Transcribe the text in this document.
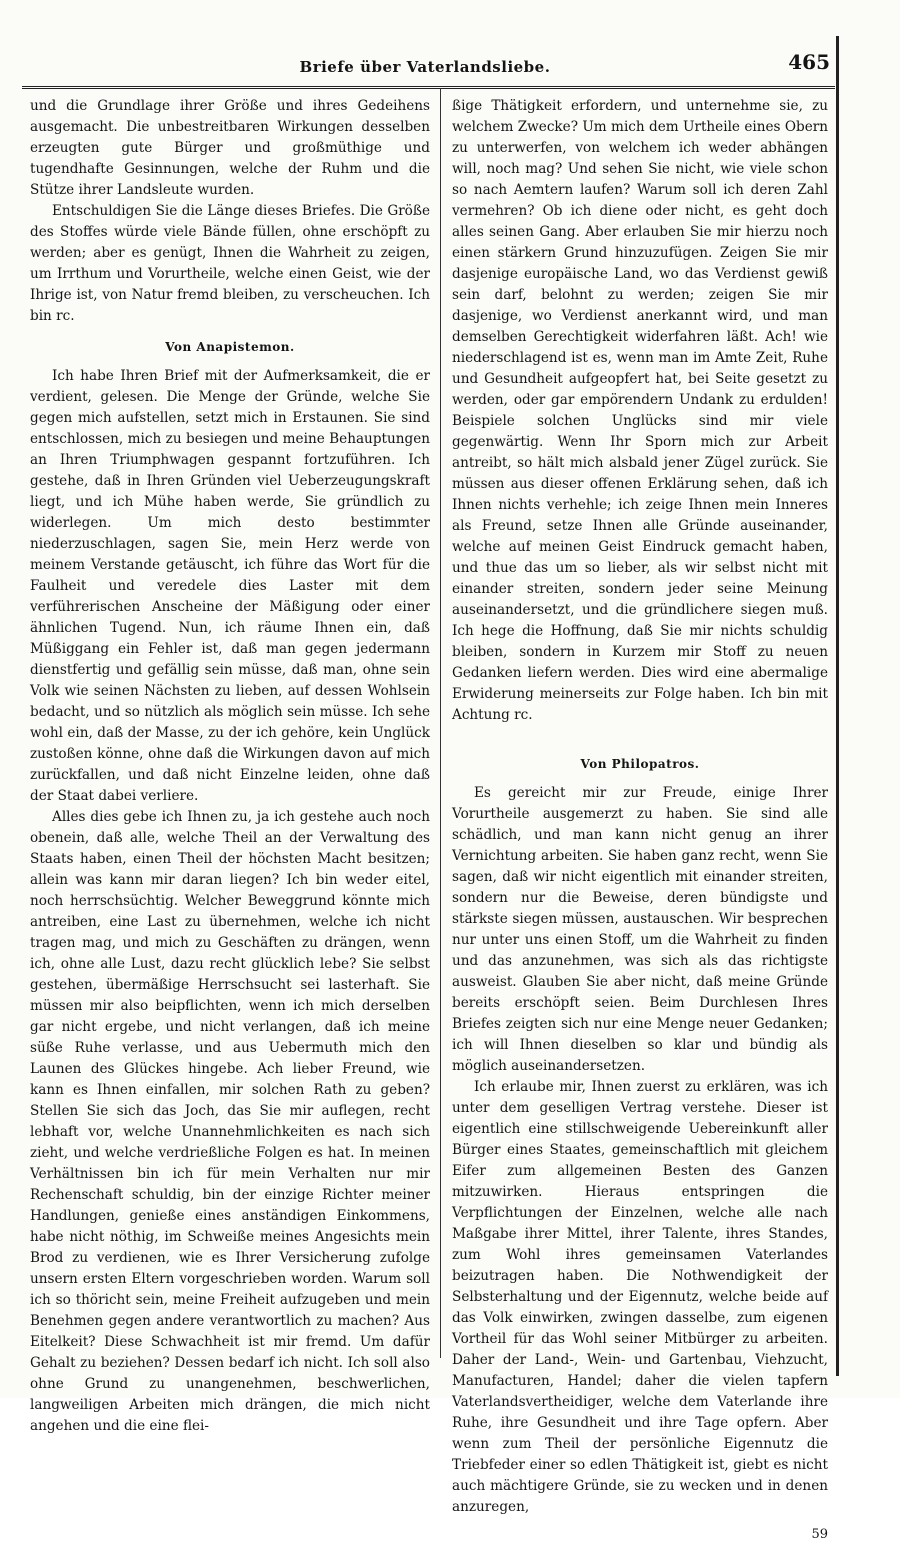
Briefe über Vaterlandsliebe.	465

und die Grundlage ihrer Größe und ihres Gedeihens ausgemacht. Die unbestreitbaren Wirkungen desselben erzeugten gute Bürger und großmüthige und tugendhafte Gesinnungen, welche der Ruhm und die Stütze ihrer Landsleute wurden.

Entschuldigen Sie die Länge dieses Briefes. Die Größe des Stoffes würde viele Bände füllen, ohne erschöpft zu werden; aber es genügt, Ihnen die Wahrheit zu zeigen, um Irrthum und Vorurtheile, welche einen Geist, wie der Ihrige ist, von Natur fremd bleiben, zu verscheuchen. Ich bin rc.

Von Anapistemon.

Ich habe Ihren Brief mit der Aufmerksamkeit, die er verdient, gelesen. Die Menge der Gründe, welche Sie gegen mich aufstellen, setzt mich in Erstaunen. Sie sind entschlossen, mich zu besiegen und meine Behauptungen an Ihren Triumphwagen gespannt fortzuführen. Ich gestehe, daß in Ihren Gründen viel Ueberzeugungskraft liegt, und ich Mühe haben werde, Sie gründlich zu widerlegen. Um mich desto bestimmter niederzuschlagen, sagen Sie, mein Herz werde von meinem Verstande getäuscht, ich führe das Wort für die Faulheit und veredele dies Laster mit dem verführerischen Anscheine der Mäßigung oder einer ähnlichen Tugend. Nun, ich räume Ihnen ein, daß Müßiggang ein Fehler ist, daß man gegen jedermann dienstfertig und gefällig sein müsse, daß man, ohne sein Volk wie seinen Nächsten zu lieben, auf dessen Wohlsein bedacht, und so nützlich als möglich sein müsse. Ich sehe wohl ein, daß der Masse, zu der ich gehöre, kein Unglück zustoßen könne, ohne daß die Wirkungen davon auf mich zurückfallen, und daß nicht Einzelne leiden, ohne daß der Staat dabei verliere.

Alles dies gebe ich Ihnen zu, ja ich gestehe auch noch obenein, daß alle, welche Theil an der Verwaltung des Staats haben, einen Theil der höchsten Macht besitzen; allein was kann mir daran liegen? Ich bin weder eitel, noch herrschsüchtig. Welcher Beweggrund könnte mich antreiben, eine Last zu übernehmen, welche ich nicht tragen mag, und mich zu Geschäften zu drängen, wenn ich, ohne alle Lust, dazu recht glücklich lebe? Sie selbst gestehen, übermäßige Herrschsucht sei lasterhaft. Sie müssen mir also beipflichten, wenn ich mich derselben gar nicht ergebe, und nicht verlangen, daß ich meine süße Ruhe verlasse, und aus Uebermuth mich den Launen des Glückes hingebe. Ach lieber Freund, wie kann es Ihnen einfallen, mir solchen Rath zu geben? Stellen Sie sich das Joch, das Sie mir auflegen, recht lebhaft vor, welche Unannehmlichkeiten es nach sich zieht, und welche verdrießliche Folgen es hat. In meinen Verhältnissen bin ich für mein Verhalten nur mir Rechenschaft schuldig, bin der einzige Richter meiner Handlungen, genieße eines anständigen Einkommens, habe nicht nöthig, im Schweiße meines Angesichts mein Brod zu verdienen, wie es Ihrer Versicherung zufolge unsern ersten Eltern vorgeschrieben worden. Warum soll ich so thöricht sein, meine Freiheit aufzugeben und mein Benehmen gegen andere verantwortlich zu machen? Aus Eitelkeit? Diese Schwachheit ist mir fremd. Um dafür Gehalt zu beziehen? Dessen bedarf ich nicht. Ich soll also ohne Grund zu unangenehmen, beschwerlichen, langweiligen Arbeiten mich drängen, die mich nicht angehen und die eine flei-

ßige Thätigkeit erfordern, und unternehme sie, zu welchem Zwecke? Um mich dem Urtheile eines Obern zu unterwerfen, von welchem ich weder abhängen will, noch mag? Und sehen Sie nicht, wie viele schon so nach Aemtern laufen? Warum soll ich deren Zahl vermehren? Ob ich diene oder nicht, es geht doch alles seinen Gang. Aber erlauben Sie mir hierzu noch einen stärkern Grund hinzuzufügen. Zeigen Sie mir dasjenige europäische Land, wo das Verdienst gewiß sein darf, belohnt zu werden; zeigen Sie mir dasjenige, wo Verdienst anerkannt wird, und man demselben Gerechtigkeit widerfahren läßt. Ach! wie niederschlagend ist es, wenn man im Amte Zeit, Ruhe und Gesundheit aufgeopfert hat, bei Seite gesetzt zu werden, oder gar empörendern Undank zu erdulden! Beispiele solchen Unglücks sind mir viele gegenwärtig. Wenn Ihr Sporn mich zur Arbeit antreibt, so hält mich alsbald jener Zügel zurück. Sie müssen aus dieser offenen Erklärung sehen, daß ich Ihnen nichts verhehle; ich zeige Ihnen mein Inneres als Freund, setze Ihnen alle Gründe auseinander, welche auf meinen Geist Eindruck gemacht haben, und thue das um so lieber, als wir selbst nicht mit einander streiten, sondern jeder seine Meinung auseinandersetzt, und die gründlichere siegen muß. Ich hege die Hoffnung, daß Sie mir nichts schuldig bleiben, sondern in Kurzem mir Stoff zu neuen Gedanken liefern werden. Dies wird eine abermalige Erwiderung meinerseits zur Folge haben. Ich bin mit Achtung rc.

Von Philopatros.

Es gereicht mir zur Freude, einige Ihrer Vorurtheile ausgemerzt zu haben. Sie sind alle schädlich, und man kann nicht genug an ihrer Vernichtung arbeiten. Sie haben ganz recht, wenn Sie sagen, daß wir nicht eigentlich mit einander streiten, sondern nur die Beweise, deren bündigste und stärkste siegen müssen, austauschen. Wir besprechen nur unter uns einen Stoff, um die Wahrheit zu finden und das anzunehmen, was sich als das richtigste ausweist. Glauben Sie aber nicht, daß meine Gründe bereits erschöpft seien. Beim Durchlesen Ihres Briefes zeigten sich nur eine Menge neuer Gedanken; ich will Ihnen dieselben so klar und bündig als möglich auseinandersetzen.

Ich erlaube mir, Ihnen zuerst zu erklären, was ich unter dem geselligen Vertrag verstehe. Dieser ist eigentlich eine stillschweigende Uebereinkunft aller Bürger eines Staates, gemeinschaftlich mit gleichem Eifer zum allgemeinen Besten des Ganzen mitzuwirken. Hieraus entspringen die Verpflichtungen der Einzelnen, welche alle nach Maßgabe ihrer Mittel, ihrer Talente, ihres Standes, zum Wohl ihres gemeinsamen Vaterlandes beizutragen haben. Die Nothwendigkeit der Selbsterhaltung und der Eigennutz, welche beide auf das Volk einwirken, zwingen dasselbe, zum eigenen Vortheil für das Wohl seiner Mitbürger zu arbeiten. Daher der Land-, Wein- und Gartenbau, Viehzucht, Manufacturen, Handel; daher die vielen tapfern Vaterlandsvertheidiger, welche dem Vaterlande ihre Ruhe, ihre Gesundheit und ihre Tage opfern. Aber wenn zum Theil der persönliche Eigennutz die Triebfeder einer so edlen Thätigkeit ist, giebt es nicht auch mächtigere Gründe, sie zu wecken und in denen anzuregen,

59
